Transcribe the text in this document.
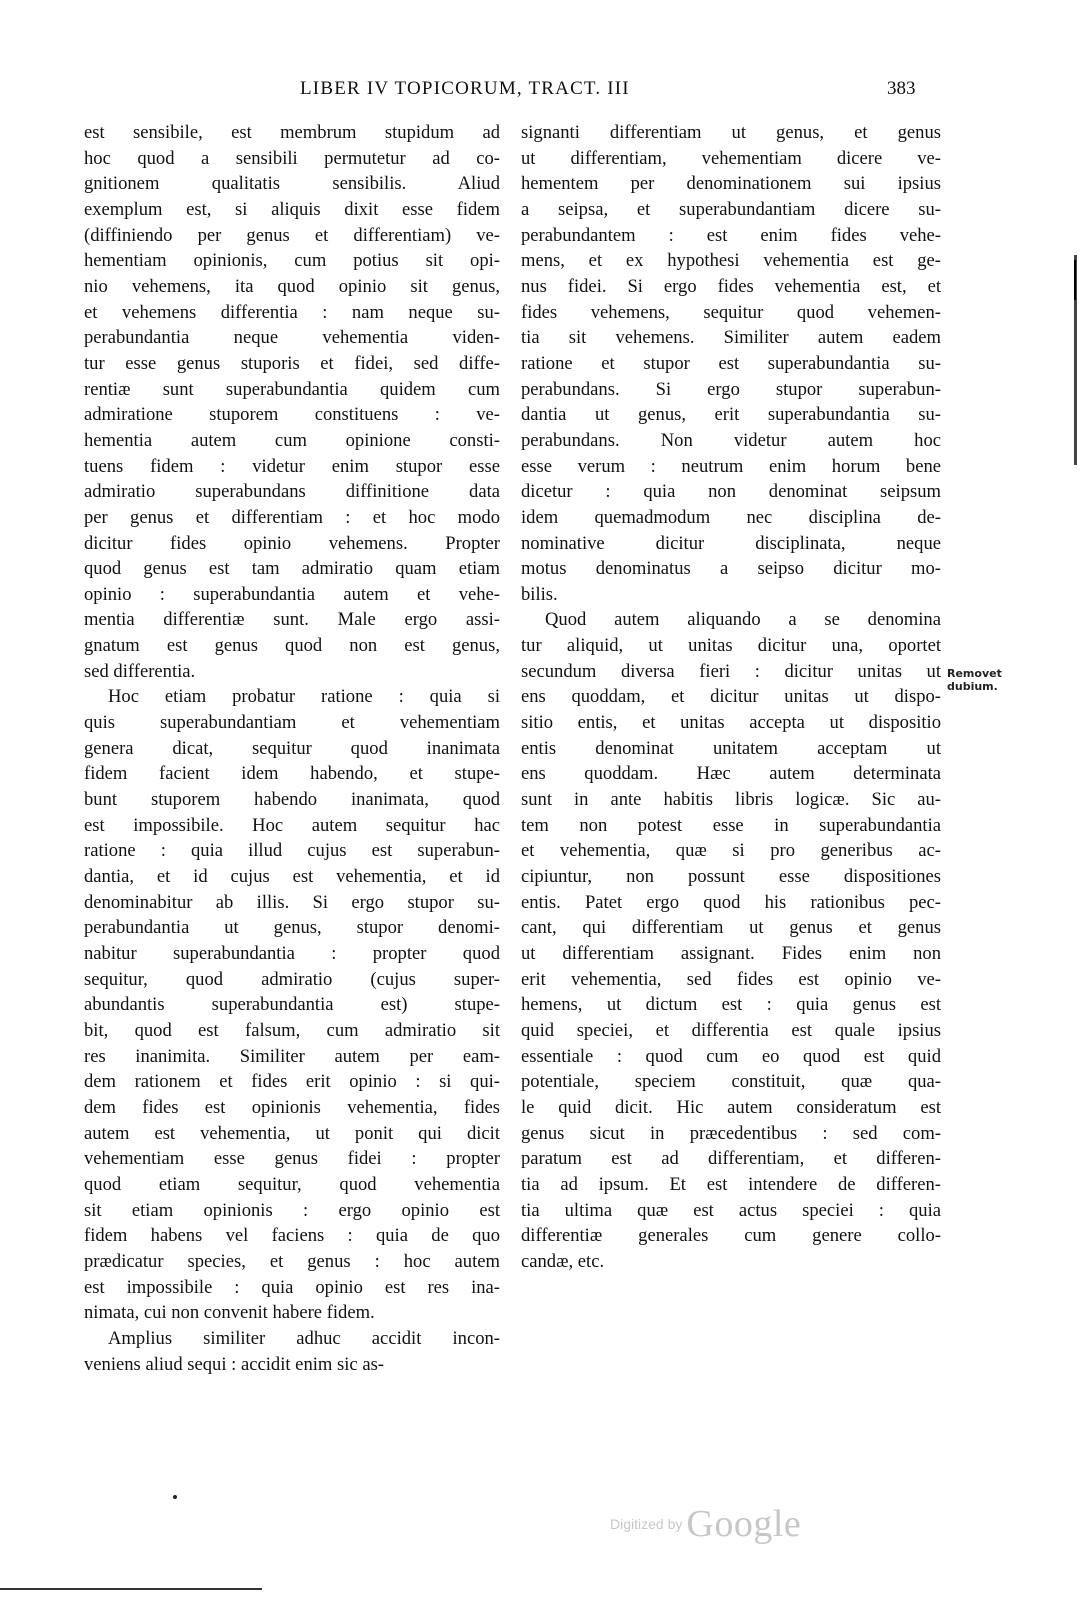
LIBER IV TOPICORUM, TRACT. III	383
est sensibile, est membrum stupidum ad
hoc quod a sensibili permutetur ad co-
gnitionem qualitatis sensibilis. Aliud
exemplum est, si aliquis dixit esse fidem
(diffiniendo per genus et differentiam) ve-
hementiam opinionis, cum potius sit opi-
nio vehemens, ita quod opinio sit genus,
et vehemens differentia : nam neque su-
perabundantia neque vehementia viden-
tur esse genus stuporis et fidei, sed diffe-
rentiæ sunt superabundantia quidem cum
admiratione stuporem constituens : ve-
hementia autem cum opinione consti-
tuens fidem : videtur enim stupor esse
admiratio superabundans diffinitione data
per genus et differentiam : et hoc modo
dicitur fides opinio vehemens. Propter
quod genus est tam admiratio quam etiam
opinio : superabundantia autem et vehe-
mentia differentiæ sunt. Male ergo assi-
gnatum est genus quod non est genus,
sed differentia.
Hoc etiam probatur ratione : quia si
quis superabundantiam et vehementiam
genera dicat, sequitur quod inanimata
fidem facient idem habendo, et stupe-
bunt stuporem habendo inanimata, quod
est impossibile. Hoc autem sequitur hac
ratione : quia illud cujus est superabun-
dantia, et id cujus est vehementia, et id
denominabitur ab illis. Si ergo stupor su-
perabundantia ut genus, stupor denomi-
nabitur superabundantia : propter quod
sequitur, quod admiratio (cujus super-
abundantis superabundantia est) stupe-
bit, quod est falsum, cum admiratio sit
res inanimita. Similiter autem per eam-
dem rationem et fides erit opinio : si qui-
dem fides est opinionis vehementia, fides
autem est vehementia, ut ponit qui dicit
vehementiam esse genus fidei : propter
quod etiam sequitur, quod vehementia
sit etiam opinionis : ergo opinio est
fidem habens vel faciens : quia de quo
prædicatur species, et genus : hoc autem
est impossibile : quia opinio est res ina-
nimata, cui non convenit habere fidem.
Amplius similiter adhuc accidit incon-
veniens aliud sequi : accidit enim sic as-
signanti differentiam ut genus, et genus
ut differentiam, vehementiam dicere ve-
hementem per denominationem sui ipsius
a seipsa, et superabundantiam dicere su-
perabundantem : est enim fides vehe-
mens, et ex hypothesi vehementia est ge-
nus fidei. Si ergo fides vehementia est, et
fides vehemens, sequitur quod vehemen-
tia sit vehemens. Similiter autem eadem
ratione et stupor est superabundantia su-
perabundans. Si ergo stupor superabun-
dantia ut genus, erit superabundantia su-
perabundans. Non videtur autem hoc
esse verum : neutrum enim horum bene
dicetur : quia non denominat seipsum
idem quemadmodum nec disciplina de-
nominative dicitur disciplinata, neque
motus denominatus a seipso dicitur mo-
bilis.
Quod autem aliquando a se denomina
tur aliquid, ut unitas dicitur una, oportet
secundum diversa fieri : dicitur unitas ut
ens quoddam, et dicitur unitas ut dispo-
sitio entis, et unitas accepta ut dispositio
entis denominat unitatem acceptam ut
ens quoddam. Hæc autem determinata
sunt in ante habitis libris logicæ. Sic au-
tem non potest esse in superabundantia
et vehementia, quæ si pro generibus ac-
cipiuntur, non possunt esse dispositiones
entis. Patet ergo quod his rationibus pec-
cant, qui differentiam ut genus et genus
ut differentiam assignant. Fides enim non
erit vehementia, sed fides est opinio ve-
hemens, ut dictum est : quia genus est
quid speciei, et differentia est quale ipsius
essentiale : quod cum eo quod est quid
potentiale, speciem constituit, quæ qua-
le quid dicit. Hic autem consideratum est
genus sicut in præcedentibus : sed com-
paratum est ad differentiam, et differen-
tia ad ipsum. Et est intendere de differen-
tia ultima quæ est actus speciei : quia
differentiæ generales cum genere collo-
candæ, etc.
Removet
dubium.
Digitized by Google
